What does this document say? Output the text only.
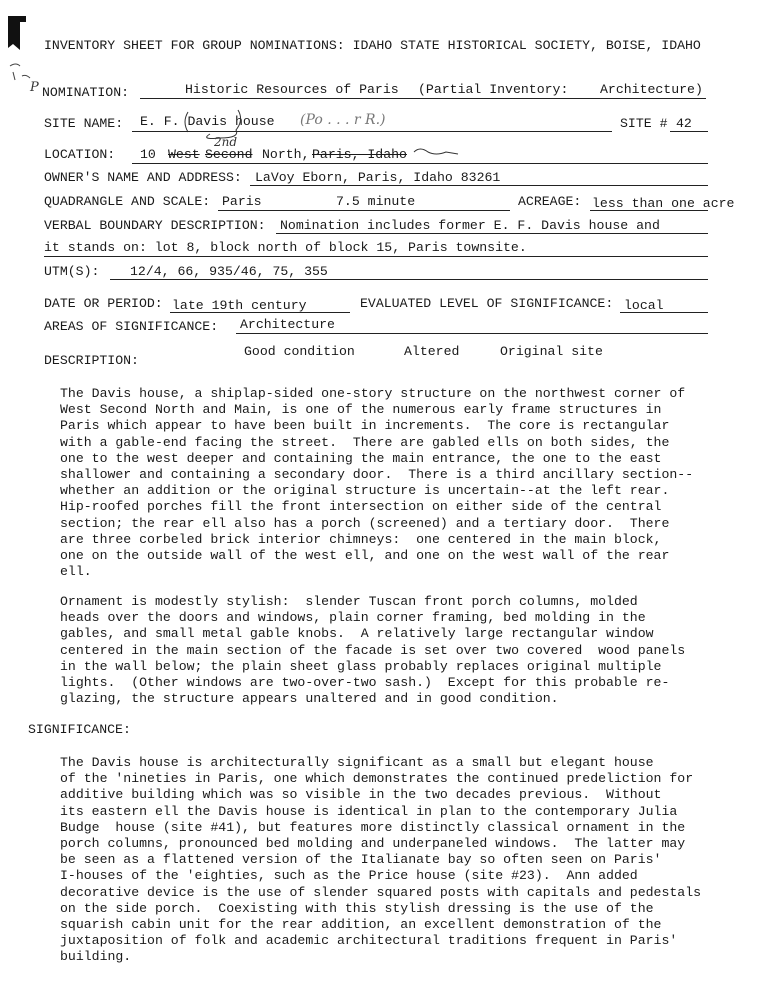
INVENTORY SHEET FOR GROUP NOMINATIONS: IDAHO STATE HISTORICAL SOCIETY, BOISE, IDAHO
P NOMINATION:	Historic Resources of Paris (Partial Inventory: Architecture)
SITE NAME: E. F. Davis house (Po . . . r R.)	SITE # 42
LOCATION: 10 West Second
2nd
North, Paris, Idaho
OWNER'S NAME AND ADDRESS: LaVoy Eborn, Paris, Idaho 83261
QUADRANGLE AND SCALE: Paris	7.5 minute	ACREAGE: less than one acre
VERBAL BOUNDARY DESCRIPTION: Nomination includes former E. F. Davis house and
it stands on: lot 8, block north of block 15, Paris townsite.
UTM(S): 12/4, 66, 935/46, 75, 355
DATE OR PERIOD: late 19th century	EVALUATED LEVEL OF SIGNIFICANCE: local
AREAS OF SIGNIFICANCE: Architecture
Good condition	Altered	Original site
DESCRIPTION:
The Davis house, a shiplap-sided one-story structure on the northwest corner of
West Second North and Main, is one of the numerous early frame structures in
Paris which appear to have been built in increments.  The core is rectangular
with a gable-end facing the street.  There are gabled ells on both sides, the
one to the west deeper and containing the main entrance, the one to the east
shallower and containing a secondary door.  There is a third ancillary section--
whether an addition or the original structure is uncertain--at the left rear.
Hip-roofed porches fill the front intersection on either side of the central
section; the rear ell also has a porch (screened) and a tertiary door.  There
are three corbeled brick interior chimneys:  one centered in the main block,
one on the outside wall of the west ell, and one on the west wall of the rear
ell.
Ornament is modestly stylish:  slender Tuscan front porch columns, molded
heads over the doors and windows, plain corner framing, bed molding in the
gables, and small metal gable knobs.  A relatively large rectangular window
centered in the main section of the facade is set over two covered  wood panels
in the wall below; the plain sheet glass probably replaces original multiple
lights.  (Other windows are two-over-two sash.)  Except for this probable re-
glazing, the structure appears unaltered and in good condition.
SIGNIFICANCE:
The Davis house is architecturally significant as a small but elegant house
of the 'nineties in Paris, one which demonstrates the continued predeliction for
additive building which was so visible in the two decades previous.  Without
its eastern ell the Davis house is identical in plan to the contemporary Julia
Budge  house (site #41), but features more distinctly classical ornament in the
porch columns, pronounced bed molding and underpaneled windows.  The latter may
be seen as a flattened version of the Italianate bay so often seen on Paris'
I-houses of the 'eighties, such as the Price house (site #23).  Ann added
decorative device is the use of slender squared posts with capitals and pedestals
on the side porch.  Coexisting with this stylish dressing is the use of the
squarish cabin unit for the rear addition, an excellent demonstration of the
juxtaposition of folk and academic architectural traditions frequent in Paris'
building.
